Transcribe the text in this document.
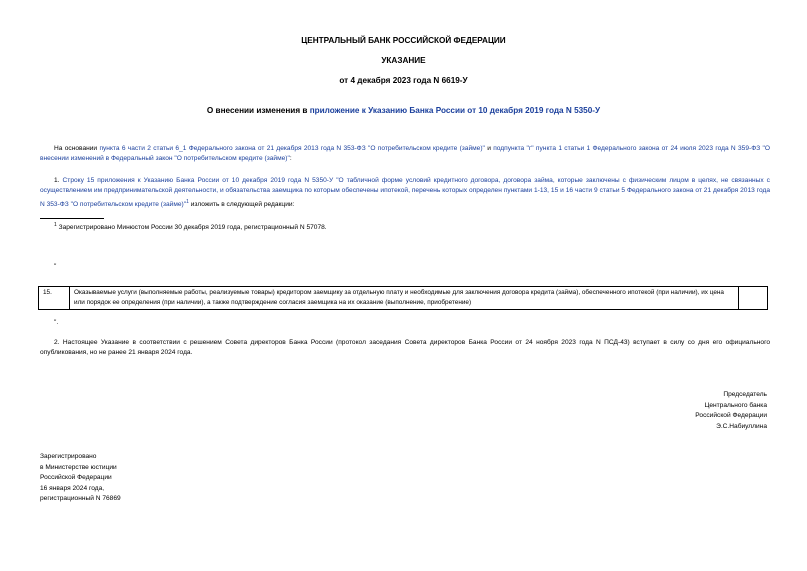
ЦЕНТРАЛЬНЫЙ БАНК РОССИЙСКОЙ ФЕДЕРАЦИИ
УКАЗАНИЕ
от 4 декабря 2023 года N 6619-У
О внесении изменения в приложение к Указанию Банка России от 10 декабря 2019 года N 5350-У
На основании пункта 6 части 2 статьи 6_1 Федерального закона от 21 декабря 2013 года N 353-ФЗ "О потребительском кредите (займе)" и подпункта "г" пункта 1 статьи 1 Федерального закона от 24 июля 2023 года N 359-ФЗ "О внесении изменений в Федеральный закон "О потребительском кредите (займе)":
1. Строку 15 приложения к Указанию Банка России от 10 декабря 2019 года N 5350-У "О табличной форме условий кредитного договора, договора займа, которые заключены с физическим лицом в целях, не связанных с осуществлением им предпринимательской деятельности, и обязательства заемщика по которым обеспечены ипотекой, перечень которых определен пунктами 1-13, 15 и 16 части 9 статьи 5 Федерального закона от 21 декабря 2013 года N 353-ФЗ "О потребительском кредите (займе)"$^1$ изложить в следующей редакции:
$^1$ Зарегистрировано Минюстом России 30 декабря 2019 года, регистрационный N 57078.
"
15.	Оказываемые услуги (выполняемые работы, реализуемые товары) кредитором заемщику за отдельную плату и необходимые для заключения договора кредита (займа), обеспеченного ипотекой (при наличии), их цена или порядок ее определения (при наличии), а также подтверждение согласия заемщика на их оказание (выполнение, приобретение)	
".
2. Настоящее Указание в соответствии с решением Совета директоров Банка России (протокол заседания Совета директоров Банка России от 24 ноября 2023 года N ПСД-43) вступает в силу со дня его официального опубликования, но не ранее 21 января 2024 года.
Председатель
Центрального банка
Российской Федерации
Э.С.Набиуллина
Зарегистрировано
в Министерстве юстиции
Российской Федерации
16 января 2024 года,
регистрационный N 76869
